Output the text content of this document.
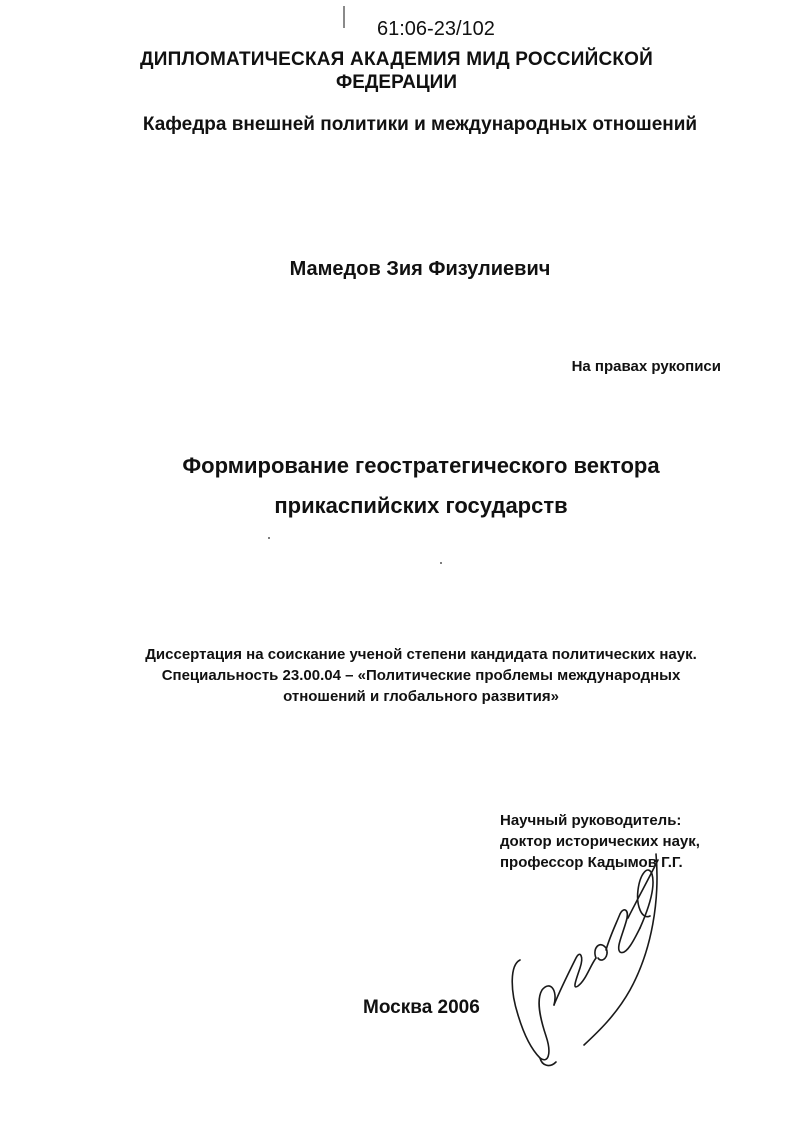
61:06-23/102
ДИПЛОМАТИЧЕСКАЯ АКАДЕМИЯ МИД РОССИЙСКОЙ
ФЕДЕРАЦИИ
Кафедра внешней политики и международных отношений
Мамедов Зия Физулиевич
На правах рукописи
Формирование геостратегического вектора
прикаспийских государств
Диссертация на соискание ученой степени кандидата политических наук.
Специальность 23.00.04 – «Политические проблемы международных
отношений и глобального развития»
Научный руководитель:
доктор исторических наук,
профессор Кадымов Г.Г.
Москва 2006
